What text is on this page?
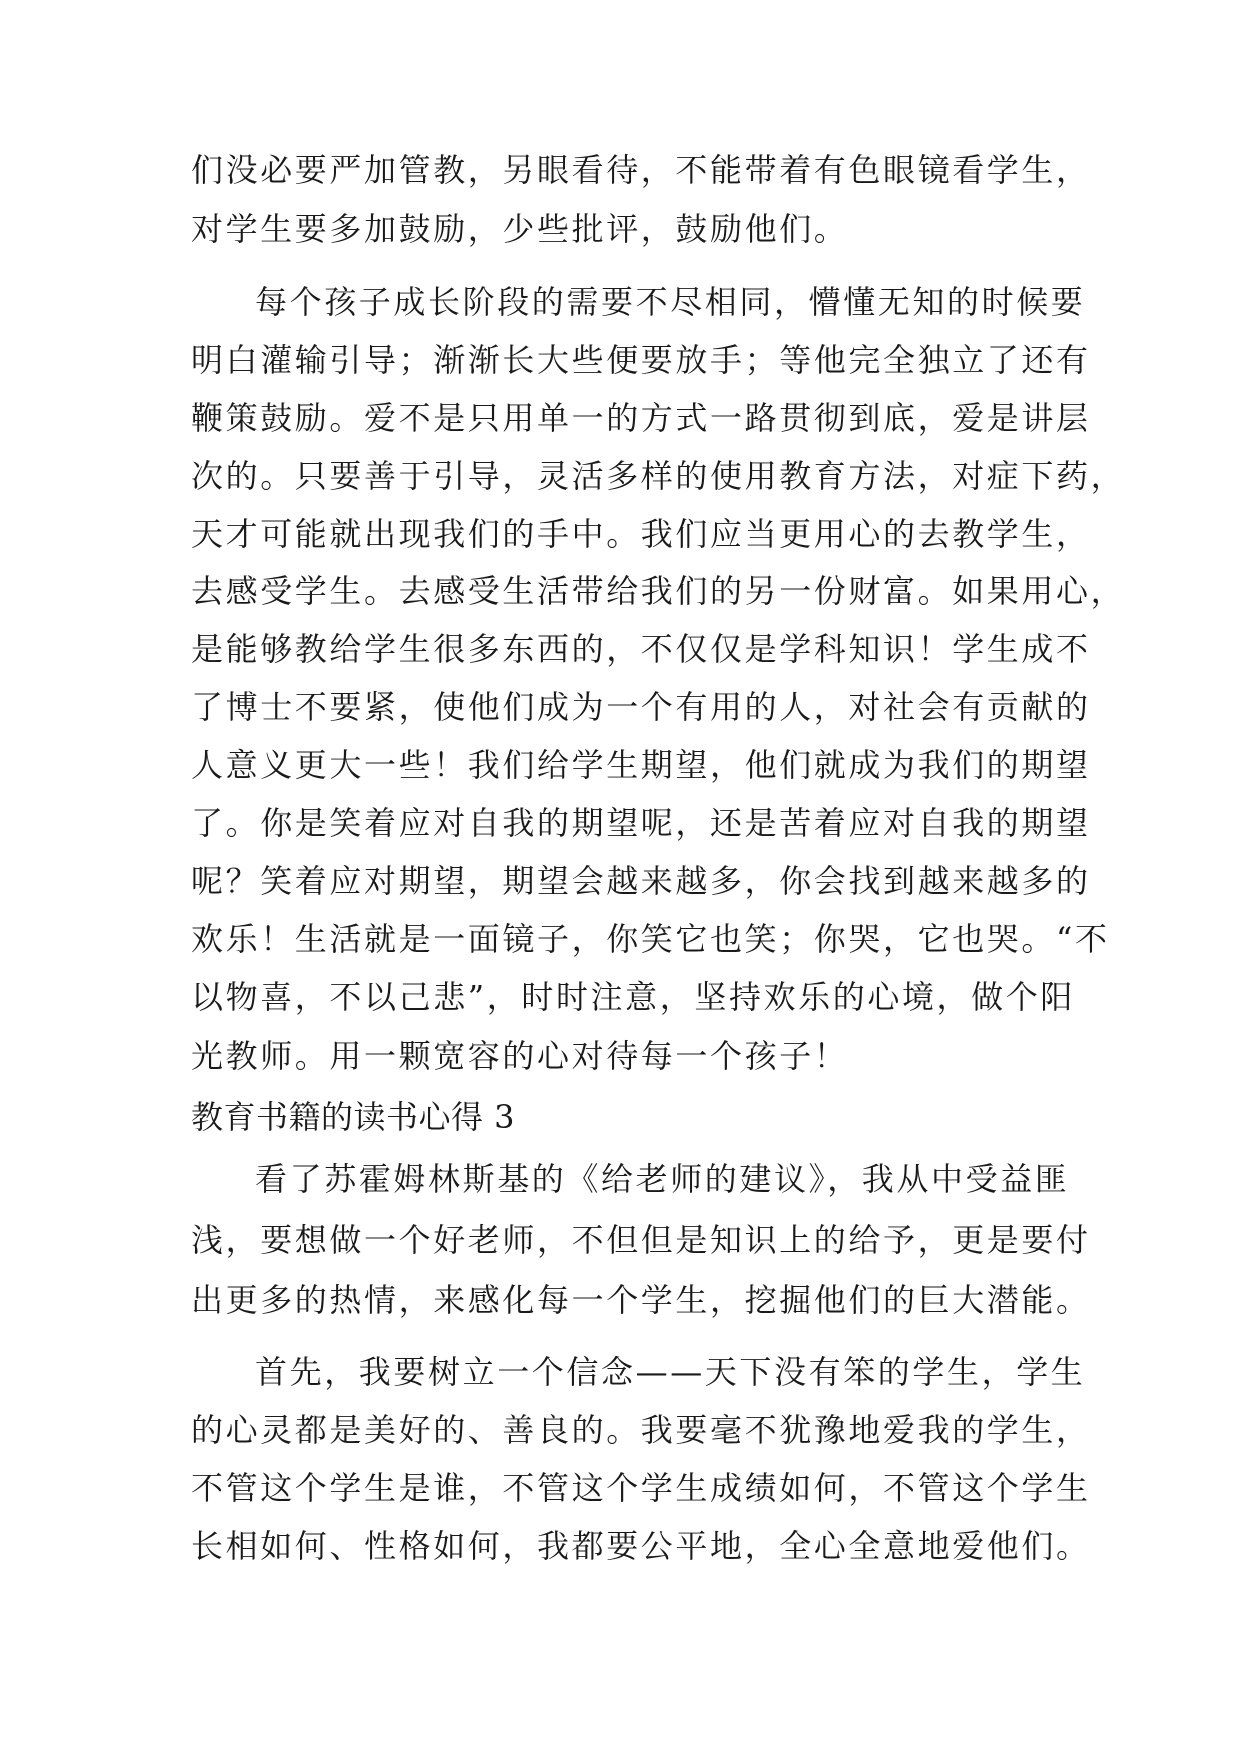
们没必要严加管教，另眼看待，不能带着有色眼镜看学生，
对学生要多加鼓励，少些批评，鼓励他们。
每个孩子成长阶段的需要不尽相同，懵懂无知的时候要
明白灌输引导；渐渐长大些便要放手；等他完全独立了还有
鞭策鼓励。爱不是只用单一的方式一路贯彻到底，爱是讲层
次的。只要善于引导，灵活多样的使用教育方法，对症下药，
天才可能就出现我们的手中。我们应当更用心的去教学生，
去感受学生。去感受生活带给我们的另一份财富。如果用心，
是能够教给学生很多东西的，不仅仅是学科知识！学生成不
了博士不要紧，使他们成为一个有用的人，对社会有贡献的
人意义更大一些！我们给学生期望，他们就成为我们的期望
了。你是笑着应对自我的期望呢，还是苦着应对自我的期望
呢？笑着应对期望，期望会越来越多，你会找到越来越多的
欢乐！生活就是一面镜子，你笑它也笑；你哭，它也哭。“不
以物喜，不以己悲”，时时注意，坚持欢乐的心境，做个阳
光教师。用一颗宽容的心对待每一个孩子！
教育书籍的读书心得 3
看了苏霍姆林斯基的《给老师的建议》，我从中受益匪
浅，要想做一个好老师，不但但是知识上的给予，更是要付
出更多的热情，来感化每一个学生，挖掘他们的巨大潜能。
首先，我要树立一个信念——天下没有笨的学生，学生
的心灵都是美好的、善良的。我要毫不犹豫地爱我的学生，
不管这个学生是谁，不管这个学生成绩如何，不管这个学生
长相如何、性格如何，我都要公平地，全心全意地爱他们。
